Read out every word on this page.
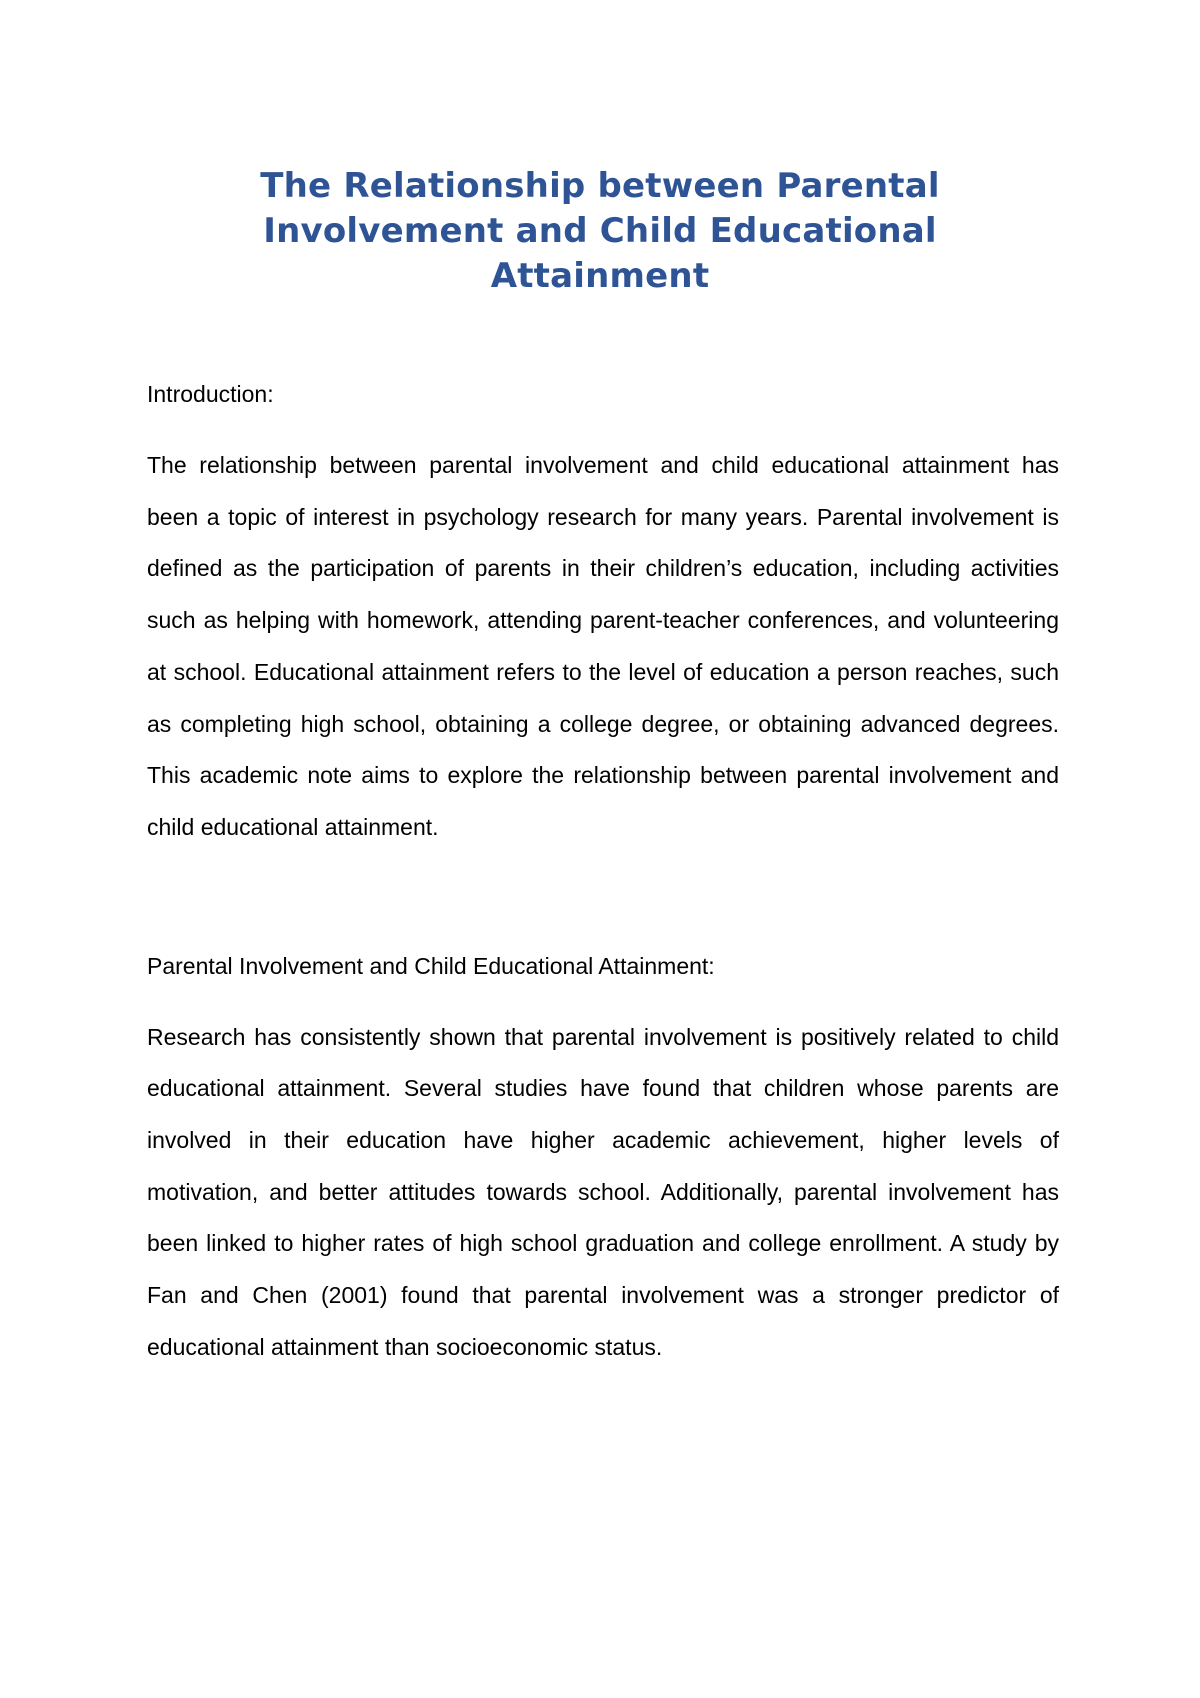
The Relationship between Parental Involvement and Child Educational Attainment
Introduction:

The relationship between parental involvement and child educational attainment has been a topic of interest in psychology research for many years. Parental involvement is defined as the participation of parents in their children’s education, including activities such as helping with homework, attending parent-teacher conferences, and volunteering at school. Educational attainment refers to the level of education a person reaches, such as completing high school, obtaining a college degree, or obtaining advanced degrees. This academic note aims to explore the relationship between parental involvement and child educational attainment.

Parental Involvement and Child Educational Attainment:

Research has consistently shown that parental involvement is positively related to child educational attainment. Several studies have found that children whose parents are involved in their education have higher academic achievement, higher levels of motivation, and better attitudes towards school. Additionally, parental involvement has been linked to higher rates of high school graduation and college enrollment. A study by Fan and Chen (2001) found that parental involvement was a stronger predictor of educational attainment than socioeconomic status.
